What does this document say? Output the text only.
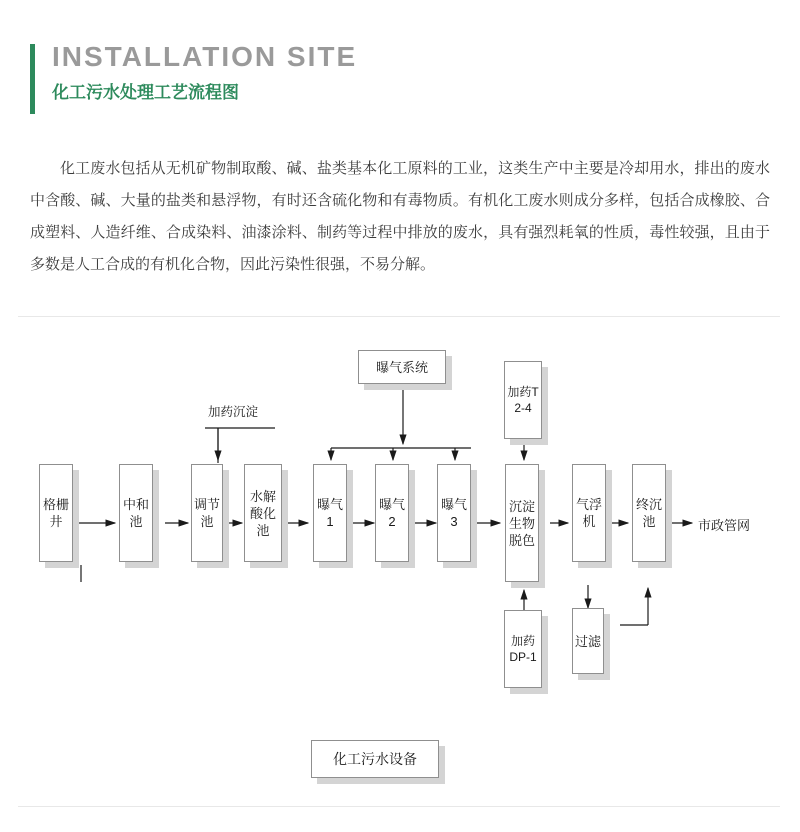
INSTALLATION SITE
化工污水处理工艺流程图

化工废水包括从无机矿物制取酸、碱、盐类基本化工原料的工业，这类生产中主要是冷却用水，排出的废水中含酸、碱、大量的盐类和悬浮物，有时还含硫化物和有毒物质。有机化工废水则成分多样，包括合成橡胶、合成塑料、人造纤维、合成染料、油漆涂料、制药等过程中排放的废水，具有强烈耗氧的性质，毒性较强，且由于多数是人工合成的有机化合物，因此污染性很强，不易分解。

曝气系统
加药沉淀
加药T2-4
格栅井
中和池
调节池
水解酸化池
曝气1
曝气2
曝气3
沉淀生物脱色
气浮机
终沉池	市政管网
加药DP-1
过滤
化工污水设备
